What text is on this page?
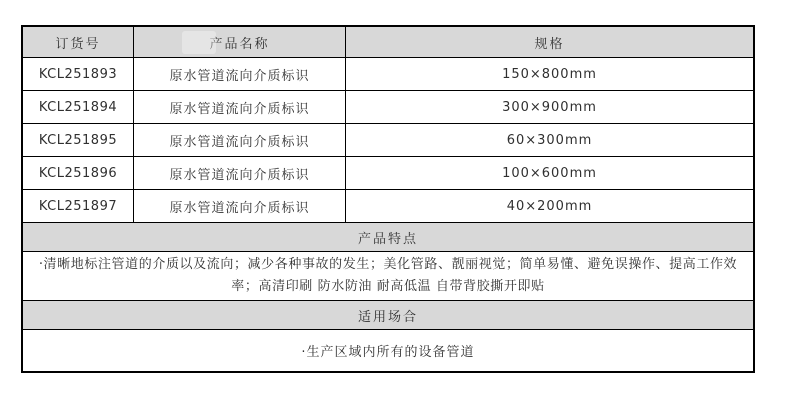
订货号	产品名称	规格
KCL251893	原水管道流向介质标识	150×800mm
KCL251894	原水管道流向介质标识	300×900mm
KCL251895	原水管道流向介质标识	60×300mm
KCL251896	原水管道流向介质标识	100×600mm
KCL251897	原水管道流向介质标识	40×200mm
产品特点
·清晰地标注管道的介质以及流向；减少各种事故的发生；美化管路、靓丽视觉；简单易懂、避免误操作、提高工作效率；高清印刷 防水防油 耐高低温 自带背胶撕开即贴
适用场合
·生产区域内所有的设备管道
